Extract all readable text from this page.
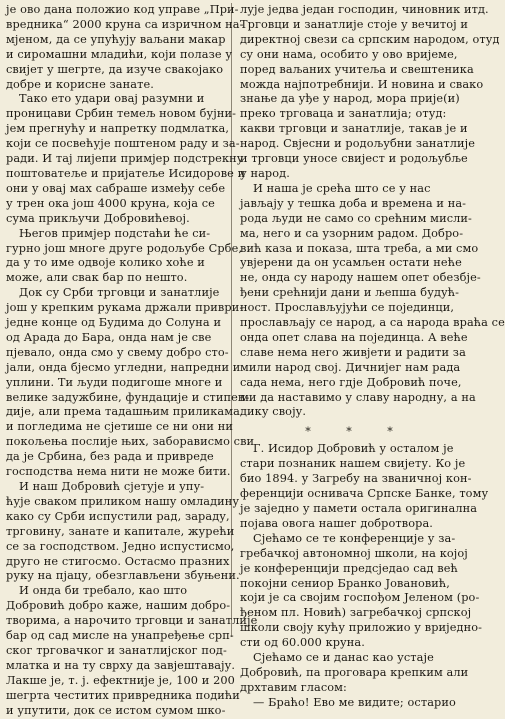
је ово дана положио код управе „При-
вредника“ 2000 круна са изричном на-
мјеном, да се упућују ваљани макар
и сиромашни младићи, који полазе у
свијет у шегрте, да изуче свакојако
добре и корисне занате.

Тако ето удари овај разумни и
проницави Србин темељ новом бујни-
јем прегнућу и напретку подмлатка,
који се посвећује поштеном раду и за-
ради. И тај лијепи примјер подстрекну
поштоватеље и пријатеље Исидорове и
они у овај мах сабраше између себе
у трен ока још 4000 круна, која се
сума прикључи Добровићевој.

Његов примјер подстаћи ће си-
гурно још многе друге родољубе Србе,
да у то име одвоје колико хоће и
може, али свак бар по нешто.

Док су Срби трговци и занатлије
још у крепким рукама држали приври-
једне конце од Будима до Солуна и
од Арада до Бара, онда нам је све
пјевало, онда смо у свему добро сто-
јали, онда бјесмо угледни, напредни и
уплини. Ти људи подигоше многе и
велике задужбине, фундације и стипен-
дије, али према тадашњим приликама
и погледима не сјетише се ни они ни
покољења послије њих, заборависмо сви
да је Србина, без рада и привреде
господства нема нити не може бити.

И наш Добровић сјетује и упу-
ћује сваком приликом нашу омладину
како су Срби испустили рад, зараду,
трговину, занате и капитале, журећи
се за господством. Једно испустисмо,
друго не стигосмо. Остасмо празних
руку на пјацу, обезглављени збуњени.

И онда би требало, као што
Добровић добро каже, нашим добро-
творима, а нарочито трговци и занатлије
бар од сад мисле на унапређење срп-
ског трговачког и занатлијског под-
млатка и на ту сврху да завјештавају.
Лакше је, т. ј. ефектније је, 100 и 200
шегрта честитих привредника подићи
и упутити, док се истом сумом шко-

лује једва један господин, чиновник итд.
Трговци и занатлије стоје у вечитој и
директној свези са српским народом, отуд
су они нама, особито у ово вријеме,
поред ваљаних учитеља и свештеника
можда најпотребнији. И новина и свако
знање да уђе у народ, мора прије(и)
преко трговаца и занатлија; отуд:
какви трговци и занатлије, такав је и
народ. Свјесни и родољубни занатлије
и трговци уносе свијест и родољубље
у народ.

И наша је срећа што се у нас
јављају у тешка доба и времена и на-
рода људи не само со срећним мисли-
ма, него и са узорним радом. Добро-
вић каза и показа, шта треба, а ми смо
увјерени да он усамљен остати неће
не, онда су народу нашем опет обезбје-
ђени срећнији дани и љепша будућ-
ност. Прослављујући се појединци,
прослављају се народ, а са народа враћа се
онда опет слава на појединца. А веће
славе нема него живјети и радити за
мили народ свој. Дичнијег нам рада
сада нема, него гдје Добровић поче,
ми да наставимо у славу народну, а на
дику своју.

* * *

Г. Исидор Добровић у осталом је
стари познаник нашем свијету. Ко је
био 1894. у Загребу на званичној кон-
ференцији оснивача Српске Банке, тому
је заједно у памети остала оригинална
појава овога нашег добротвора.

Сјећамо се те конференције у за-
гребачкој автономној школи, на којој
је конференцији предсједао сад већ
покојни сениор Бранко Јовановић,
који је са својим госпођом Јеленом (ро-
ђеном пл. Новић) загребачкој српској
школи своју кућу приложио у вриједно-
сти од 60.000 круна.

Сјећамо се и данас као устаје
Добровић, па проговара крепким али
дрхтавим гласом:

— Браћо! Ево ме видите; остарио
